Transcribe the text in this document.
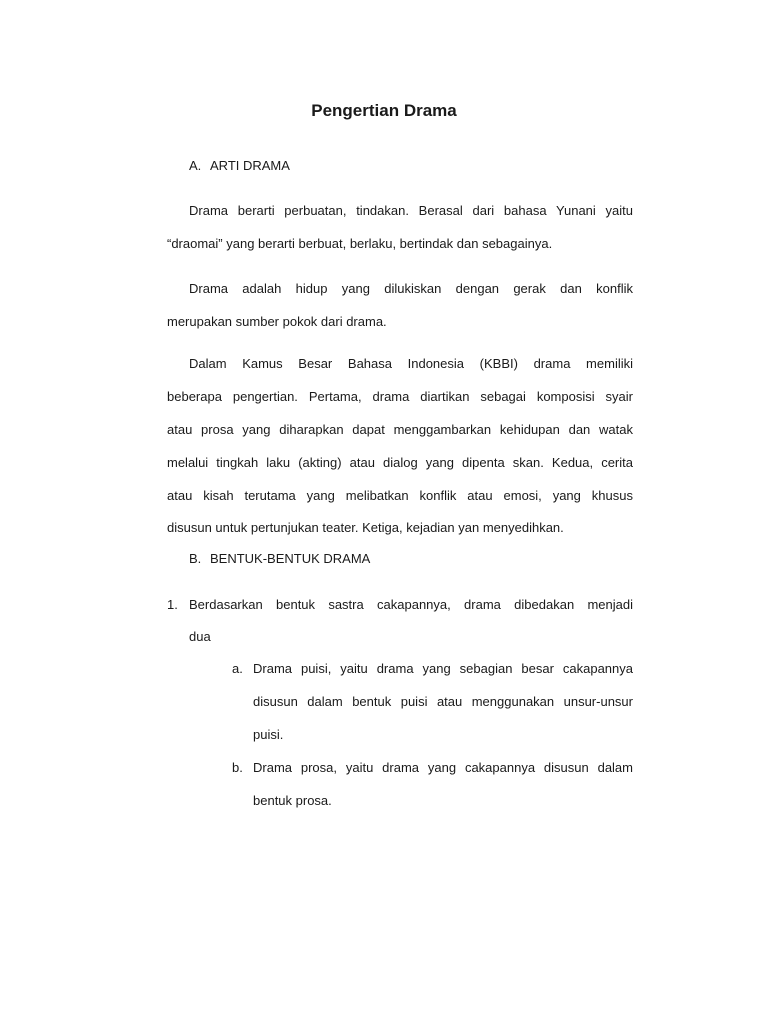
Pengertian Drama
A. ARTI DRAMA
Drama berarti perbuatan, tindakan. Berasal dari bahasa Yunani yaitu
“draomai” yang berarti berbuat, berlaku, bertindak dan sebagainya.
Drama adalah hidup yang dilukiskan dengan gerak dan konflik
merupakan sumber pokok dari drama.
Dalam Kamus Besar Bahasa Indonesia (KBBI) drama memiliki
beberapa pengertian. Pertama, drama diartikan sebagai komposisi syair
atau prosa yang diharapkan dapat menggambarkan kehidupan dan watak
melalui tingkah laku (akting) atau dialog yang dipenta skan. Kedua, cerita
atau kisah terutama yang melibatkan konflik atau emosi, yang khusus
disusun untuk pertunjukan teater. Ketiga, kejadian yan menyedihkan.
B. BENTUK-BENTUK DRAMA
1. Berdasarkan bentuk sastra cakapannya, drama dibedakan menjadi
dua
a. Drama puisi, yaitu drama yang sebagian besar cakapannya
disusun dalam bentuk puisi atau menggunakan unsur-unsur
puisi.
b. Drama prosa, yaitu drama yang cakapannya disusun dalam
bentuk prosa.
